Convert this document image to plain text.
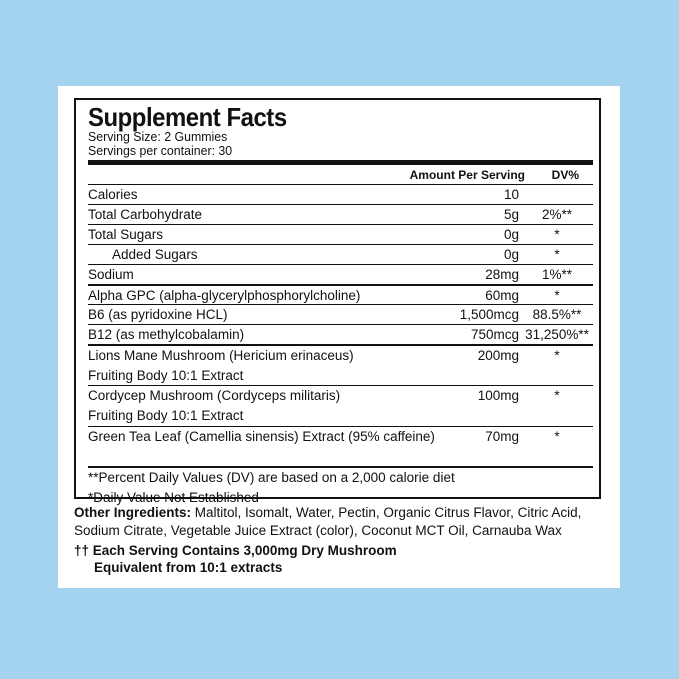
Supplement Facts
Serving Size: 2 Gummies
Servings per container: 30
Amount Per Serving DV%
Calories	10
Total Carbohydrate	5g	2%**
Total Sugars	0g	*
Added Sugars	0g	*
Sodium	28mg	1%**
Alpha GPC (alpha-glycerylphosphorylcholine)	60mg	*
B6 (as pyridoxine HCL)	1,500mcg	88.5%**
B12 (as methylcobalamin)	750mcg 31,250%**
Lions Mane Mushroom (Hericium erinaceus)
Fruiting Body 10:1 Extract
200mg	*
Cordycep Mushroom (Cordyceps militaris)
Fruiting Body 10:1 Extract
100mg	*
Green Tea Leaf (Camellia sinensis) Extract (95% caffeine)	70mg	*
**Percent Daily Values (DV) are based on a 2,000 calorie diet
*Daily Value Not Established
Other Ingredients: Maltitol, Isomalt, Water, Pectin, Organic Citrus Flavor, Citric Acid, Sodium Citrate, Vegetable Juice Extract (color), Coconut MCT Oil, Carnauba Wax
†† Each Serving Contains 3,000mg Dry Mushroom
Equivalent from 10:1 extracts
